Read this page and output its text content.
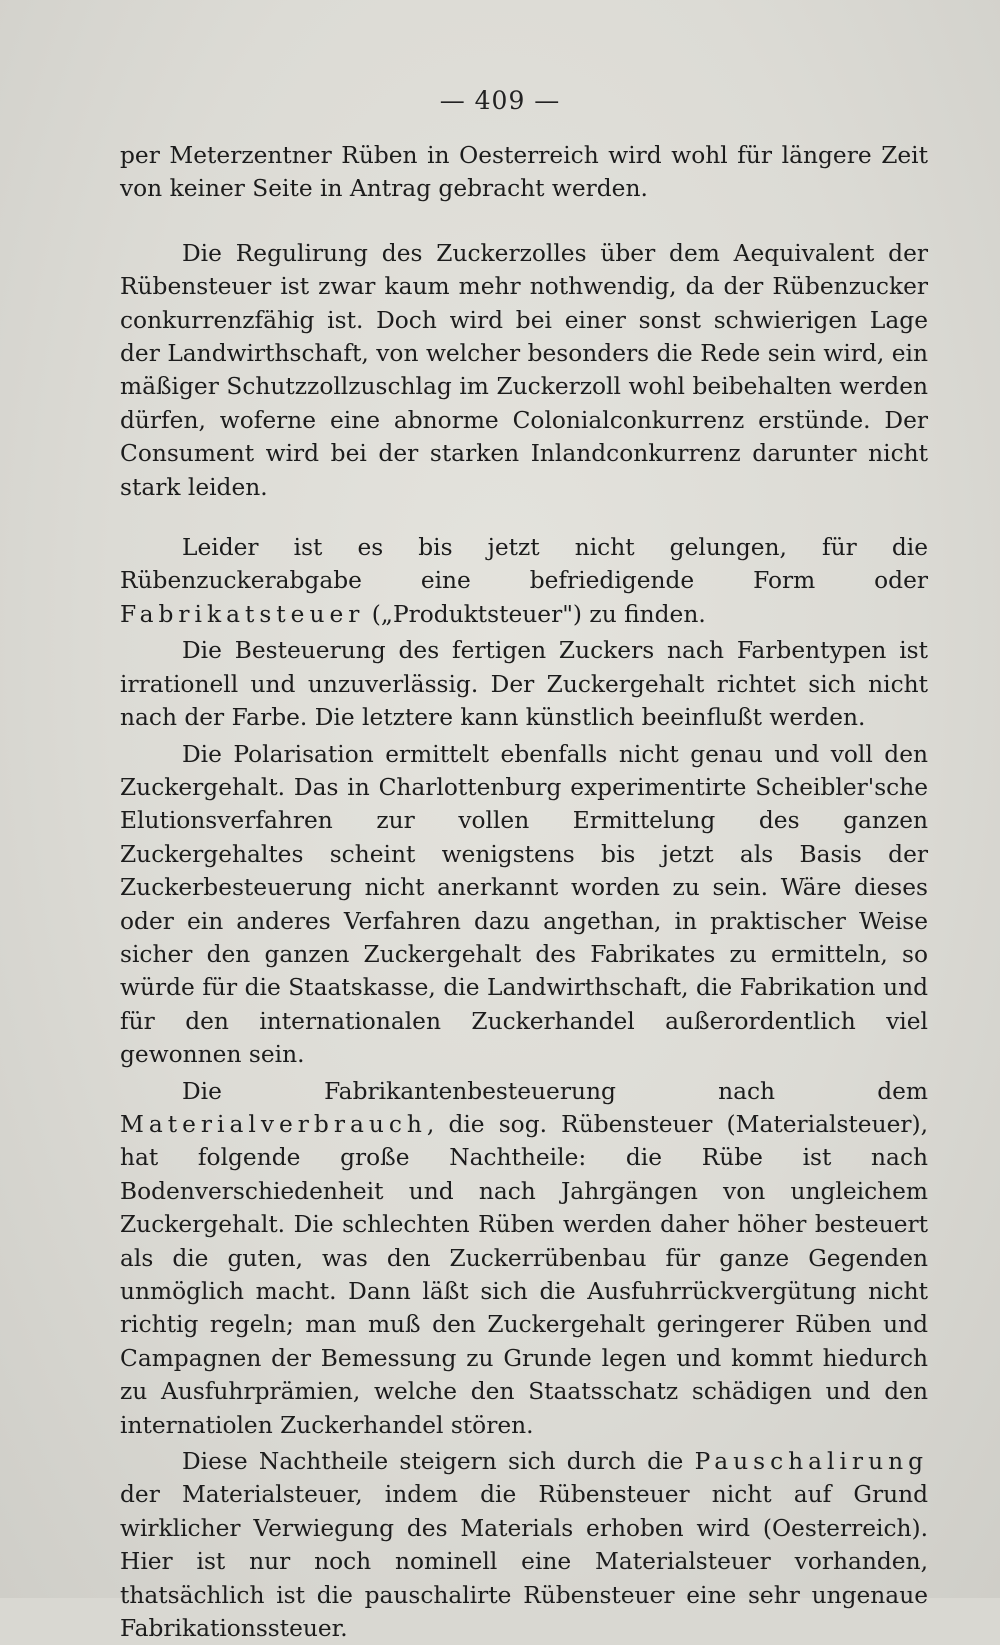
— 409 —

per Meterzentner Rüben in Oesterreich wird wohl für längere Zeit von keiner Seite in Antrag gebracht werden.

Die Regulirung des Zuckerzolles über dem Aequivalent der Rübensteuer ist zwar kaum mehr nothwendig, da der Rübenzucker conkurrenzfähig ist. Doch wird bei einer sonst schwierigen Lage der Landwirthschaft, von welcher besonders die Rede sein wird, ein mäßiger Schutzzollzuschlag im Zuckerzoll wohl beibehalten werden dürfen, woferne eine abnorme Colonialconkurrenz erstünde. Der Consument wird bei der starken Inlandconkurrenz darunter nicht stark leiden.

Leider ist es bis jetzt nicht gelungen, für die Rübenzuckerabgabe eine befriedigende Form oder Fabrikatsteuer („Produktsteuer") zu finden.

Die Besteuerung des fertigen Zuckers nach Farbentypen ist irrationell und unzuverlässig. Der Zuckergehalt richtet sich nicht nach der Farbe. Die letztere kann künstlich beeinflußt werden.

Die Polarisation ermittelt ebenfalls nicht genau und voll den Zuckergehalt. Das in Charlottenburg experimentirte Scheibler'sche Elutionsverfahren zur vollen Ermittelung des ganzen Zuckergehaltes scheint wenigstens bis jetzt als Basis der Zuckerbesteuerung nicht anerkannt worden zu sein. Wäre dieses oder ein anderes Verfahren dazu angethan, in praktischer Weise sicher den ganzen Zuckergehalt des Fabrikates zu ermitteln, so würde für die Staatskasse, die Landwirthschaft, die Fabrikation und für den internationalen Zuckerhandel außerordentlich viel gewonnen sein.

Die Fabrikantenbesteuerung nach dem Materialverbrauch, die sog. Rübensteuer (Materialsteuer), hat folgende große Nachtheile: die Rübe ist nach Bodenverschiedenheit und nach Jahrgängen von ungleichem Zuckergehalt. Die schlechten Rüben werden daher höher besteuert als die guten, was den Zuckerrübenbau für ganze Gegenden unmöglich macht. Dann läßt sich die Ausfuhrrückvergütung nicht richtig regeln; man muß den Zuckergehalt geringerer Rüben und Campagnen der Bemessung zu Grunde legen und kommt hiedurch zu Ausfuhrprämien, welche den Staatsschatz schädigen und den internatiolen Zuckerhandel stören.

Diese Nachtheile steigern sich durch die Pauschalirung der Materialsteuer, indem die Rübensteuer nicht auf Grund wirklicher Verwiegung des Materials erhoben wird (Oesterreich). Hier ist nur noch nominell eine Materialsteuer vorhanden, thatsächlich ist die pauschalirte Rübensteuer eine sehr ungenaue Fabrikationssteuer.
